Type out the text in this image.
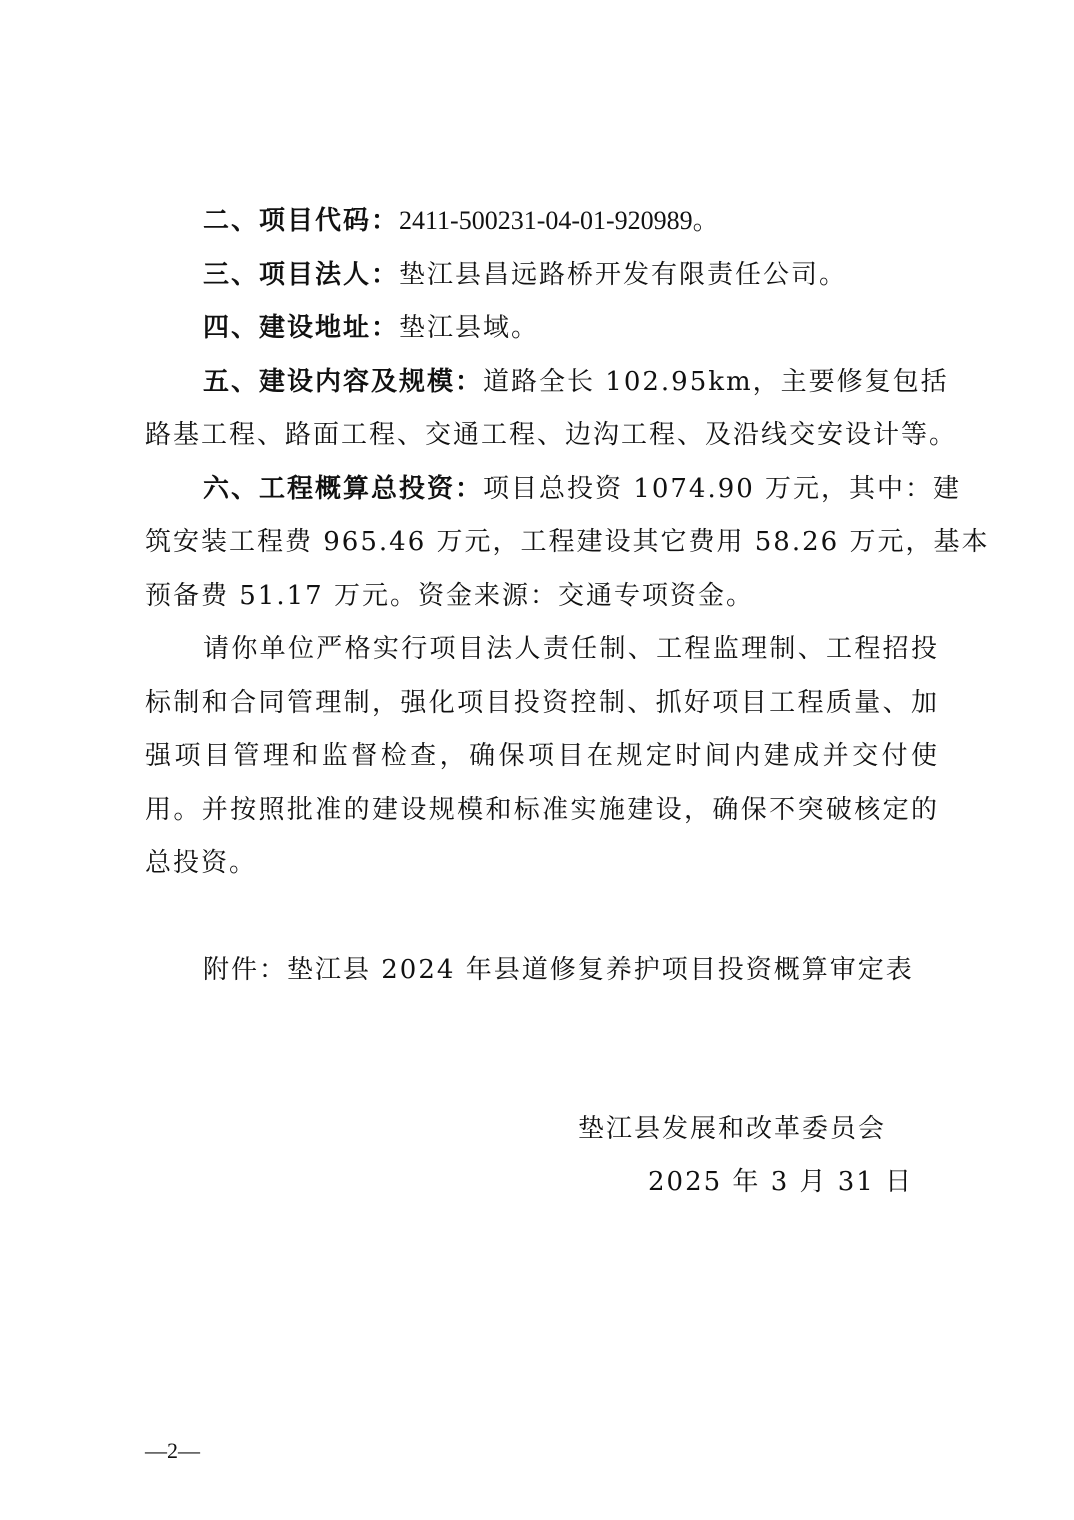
二、项目代码：2411-500231-04-01-920989。
三、项目法人：垫江县昌远路桥开发有限责任公司。
四、建设地址：垫江县域。
五、建设内容及规模：道路全长 102.95km，主要修复包括
路基工程、路面工程、交通工程、边沟工程、及沿线交安设计等。
六、工程概算总投资：项目总投资 1074.90 万元，其中：建
筑安装工程费 965.46 万元，工程建设其它费用 58.26 万元，基本
预备费 51.17 万元。资金来源：交通专项资金。
请你单位严格实行项目法人责任制、工程监理制、工程招投
标制和合同管理制，强化项目投资控制、抓好项目工程质量、加
强项目管理和监督检查，确保项目在规定时间内建成并交付使
用。并按照批准的建设规模和标准实施建设，确保不突破核定的
总投资。
附件：垫江县 2024 年县道修复养护项目投资概算审定表
垫江县发展和改革委员会
2025 年 3 月 31 日
—2—
